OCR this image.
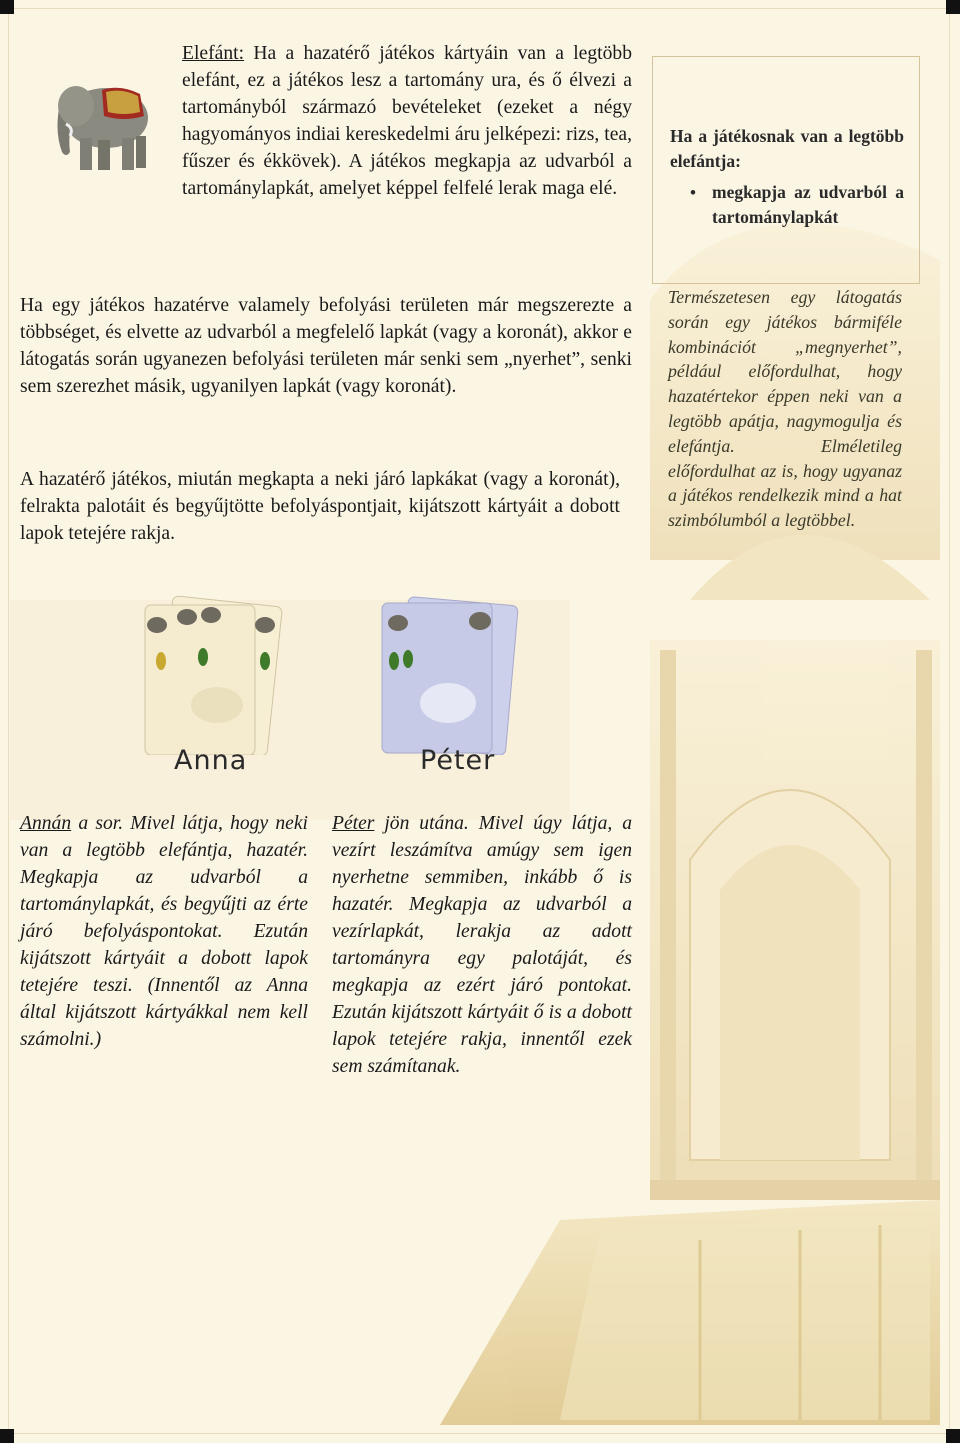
Elefánt: Ha a hazatérő játékos kártyáin van a legtöbb elefánt, ez a játékos lesz a tartomány ura, és ő élvezi a tartományból származó bevételeket (ezeket a négy hagyományos indiai kereskedelmi áru jelképezi: rizs, tea, fűszer és ékkövek). A játékos megkapja az udvarból a tartománylapkát, amelyet képpel felfelé lerak maga elé.
Ha a játékosnak van a legtöbb elefántja:
• megkapja az udvarból a tartománylapkát
Természetesen egy látogatás során egy játékos bármiféle kombinációt „megnyerhet”, például előfordulhat, hogy hazatértekor éppen neki van a legtöbb apátja, nagymogulja és elefántja. Elméletileg előfordulhat az is, hogy ugyanaz a játékos rendelkezik mind a hat szimbólumból a legtöbbel.
Ha egy játékos hazatérve valamely befolyási területen már megszerezte a többséget, és elvette az udvarból a megfelelő lapkát (vagy a koronát), akkor e látogatás során ugyanezen befolyási területen már senki sem „nyerhet”, senki sem szerezhet másik, ugyanilyen lapkát (vagy koronát).
A hazatérő játékos, miután megkapta a neki járó lapkákat (vagy a koronát), felrakta palotáit és begyűjtötte befolyáspontjait, kijátszott kártyáit a dobott lapok tetejére rakja.
Anna	Péter
Annán a sor. Mivel látja, hogy neki van a legtöbb elefántja, hazatér. Megkapja az udvarból a tartománylapkát, és begyűjti az érte járó befolyáspontokat. Ezután kijátszott kártyáit a dobott lapok tetejére teszi. (Innentől az Anna által kijátszott kártyákkal nem kell számolni.)
Péter jön utána. Mivel úgy látja, a vezírt leszámítva amúgy sem igen nyerhetne semmiben, inkább ő is hazatér. Megkapja az udvarból a vezírlapkát, lerakja az adott tartományra egy palotáját, és megkapja az ezért járó pontokat. Ezután kijátszott kártyáit ő is a dobott lapok tetejére rakja, innentől ezek sem számítanak.
